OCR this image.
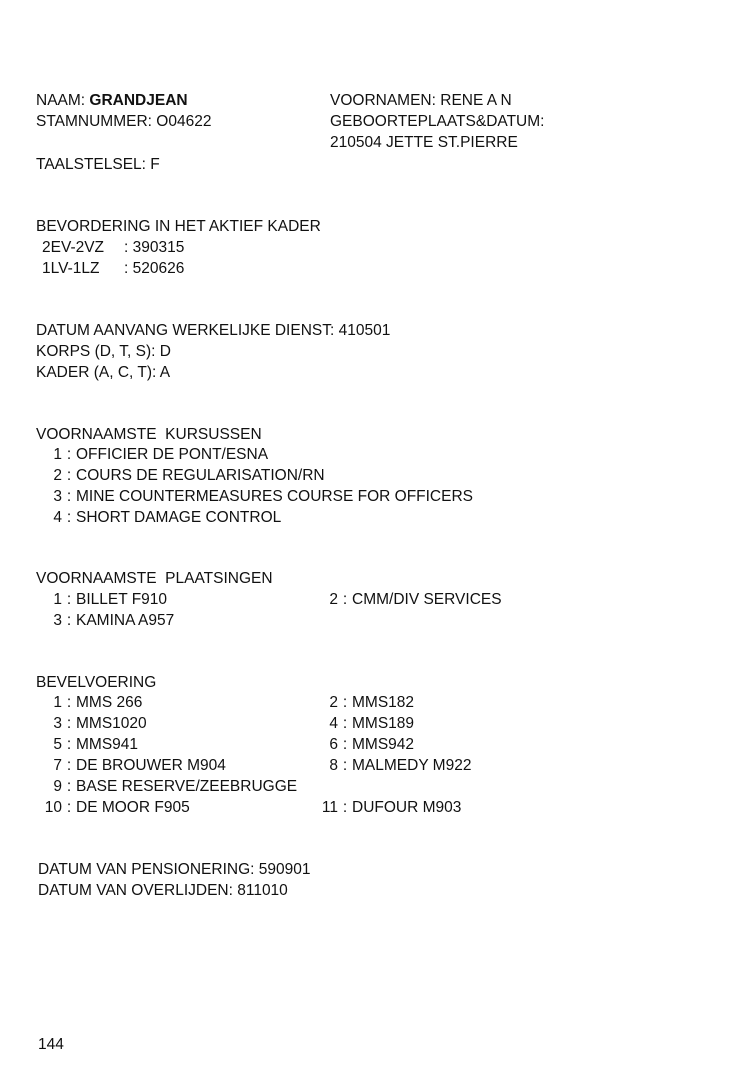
NAAM: GRANDJEAN	VOORNAMEN: RENE A N
STAMNUMMER: O04622	GEBOORTEPLAATS&DATUM:
210504 JETTE ST.PIERRE
TAALSTELSEL: F
BEVORDERING IN HET AKTIEF KADER
2EV-2VZ : 390315
1LV-1LZ : 520626
DATUM AANVANG WERKELIJKE DIENST: 410501
KORPS (D, T, S): D
KADER (A, C, T): A
VOORNAAMSTE  KURSUSSEN
1 : OFFICIER DE PONT/ESNA
2 : COURS DE REGULARISATION/RN
3 : MINE COUNTERMEASURES COURSE FOR OFFICERS
4 : SHORT DAMAGE CONTROL
VOORNAAMSTE  PLAATSINGEN
1 : BILLET F910	2 : CMM/DIV SERVICES
3 : KAMINA A957
BEVELVOERING
1 : MMS 266	2 : MMS182
3 : MMS1020	4 : MMS189
5 : MMS941	6 : MMS942
7 : DE BROUWER M904	8 : MALMEDY M922
9 : BASE RESERVE/ZEEBRUGGE
10 : DE MOOR F905	11 : DUFOUR M903
DATUM VAN PENSIONERING: 590901
DATUM VAN OVERLIJDEN: 811010
144
